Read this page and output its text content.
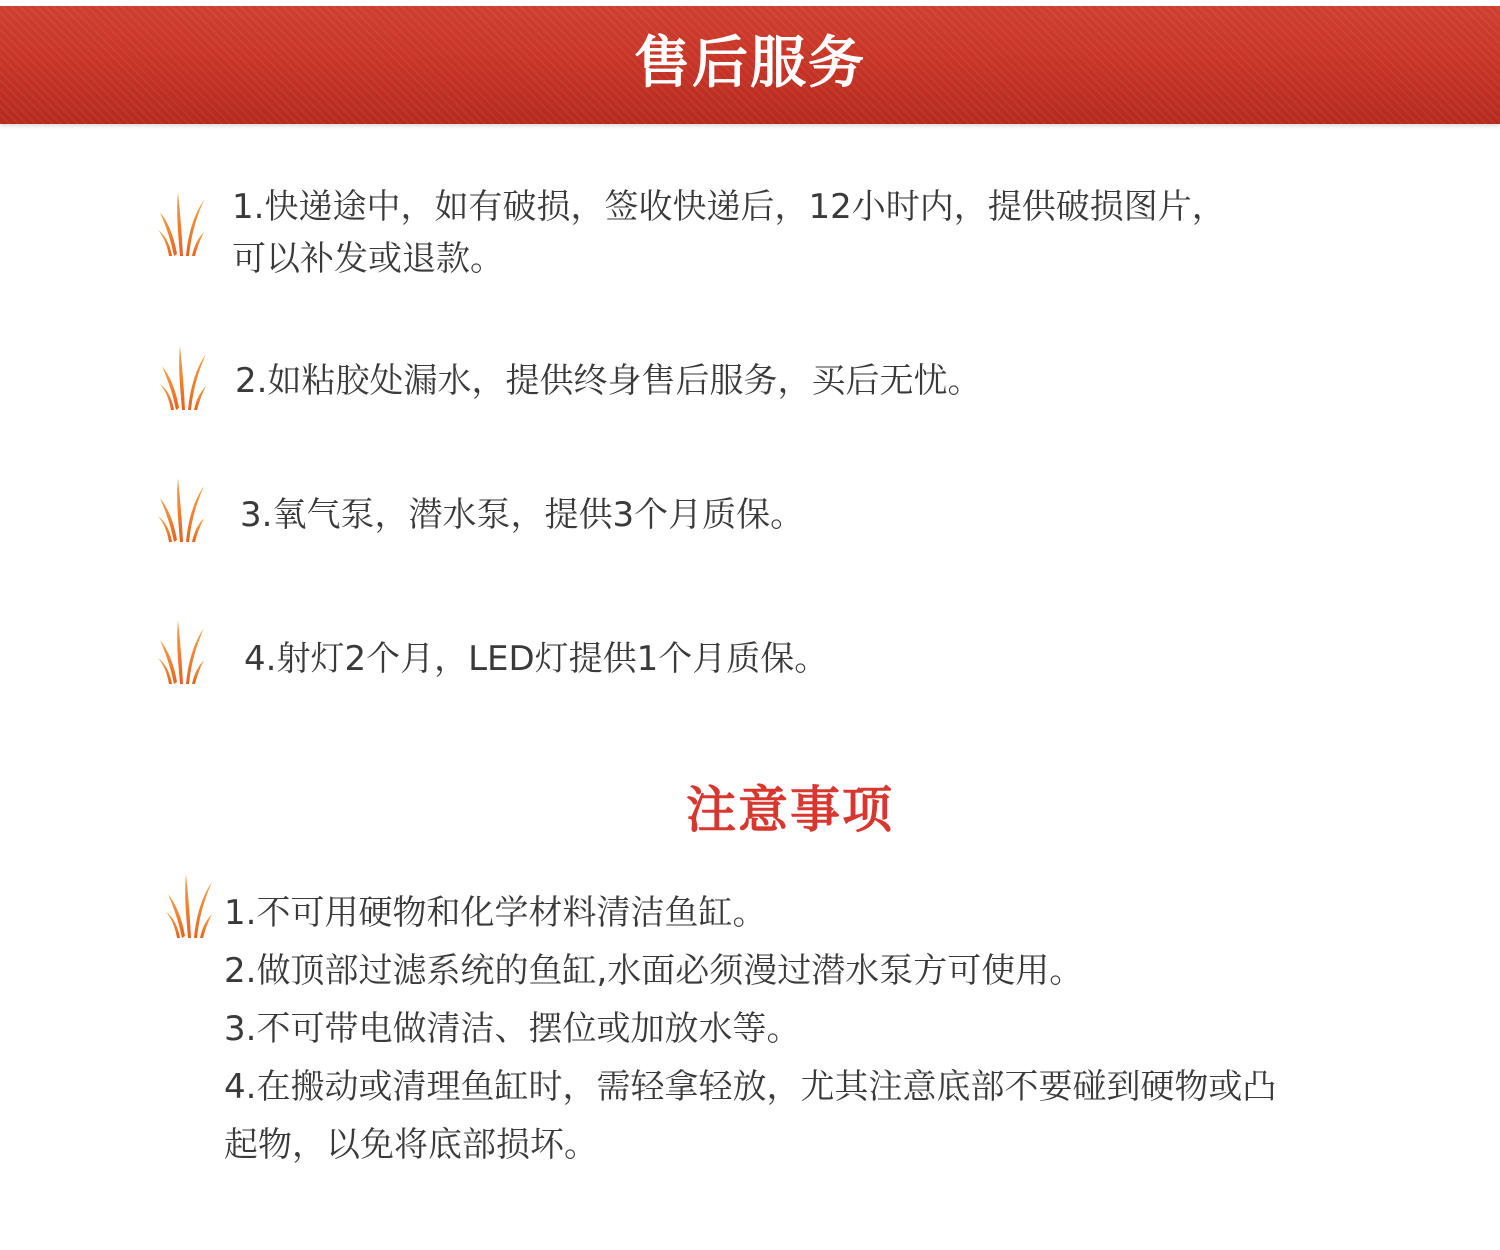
售后服务
1.快递途中，如有破损，签收快递后，12小时内，提供破损图片，
可以补发或退款。
2.如粘胶处漏水，提供终身售后服务，买后无忧。
3.氧气泵，潜水泵，提供3个月质保。
4.射灯2个月，LED灯提供1个月质保。
注意事项
1.不可用硬物和化学材料清洁鱼缸。
2.做顶部过滤系统的鱼缸,水面必须漫过潜水泵方可使用。
3.不可带电做清洁、摆位或加放水等。
4.在搬动或清理鱼缸时，需轻拿轻放，尤其注意底部不要碰到硬物或凸
起物，以免将底部损坏。
